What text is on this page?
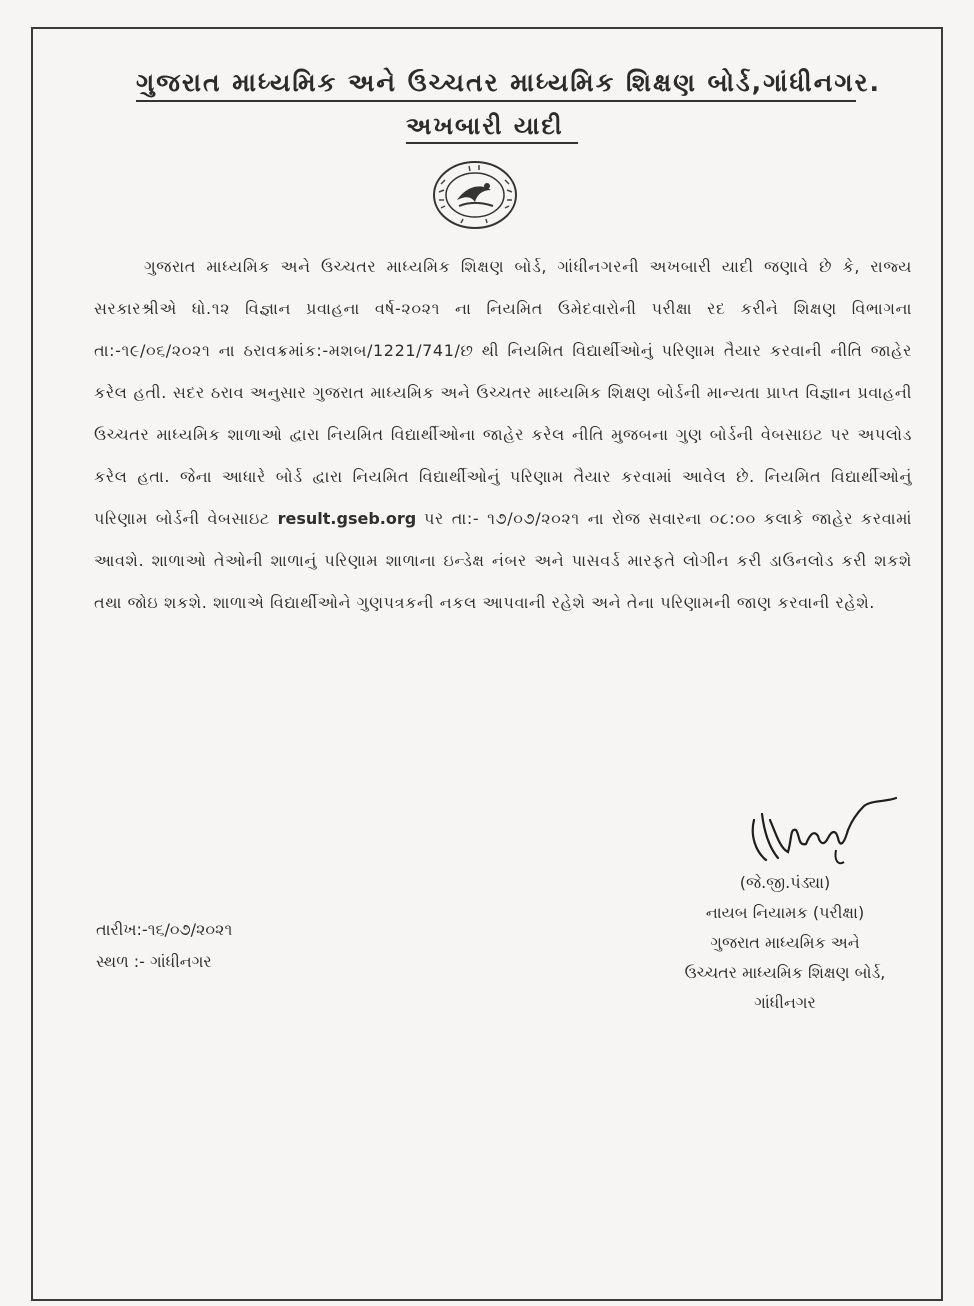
ગુજરાત માધ્યમિક અને ઉચ્ચતર માધ્યમિક શિક્ષણ બોર્ડ,ગાંધીનગર.
અખબારી યાદી
ગુજરાત માધ્યમિક અને ઉચ્ચતર માધ્યમિક શિક્ષણ બોર્ડ, ગાંધીનગરની અખબારી યાદી જણાવે છે કે, રાજ્ય સરકારશ્રીએ ધો.૧૨ વિજ્ઞાન પ્રવાહના વર્ષ-૨૦૨૧ ના નિયમિત ઉમેદવારોની પરીક્ષા રદ કરીને શિક્ષણ વિભાગના તા:-૧૯/૦૬/૨૦૨૧ ના ઠરાવક્રમાંક:-મશબ/1221/741/છ થી નિયમિત વિદ્યાર્થીઓનું પરિણામ તૈયાર કરવાની નીતિ જાહેર કરેલ હતી. સદર ઠરાવ અનુસાર ગુજરાત માધ્યમિક અને ઉચ્ચતર માધ્યમિક શિક્ષણ બોર્ડની માન્યતા પ્રાપ્ત વિજ્ઞાન પ્રવાહની ઉચ્ચતર માધ્યમિક શાળાઓ દ્વારા નિયમિત વિદ્યાર્થીઓના જાહેર કરેલ નીતિ મુજબના ગુણ બોર્ડની વેબસાઇટ પર અપલોડ કરેલ હતા. જેના આધારે બોર્ડ દ્વારા નિયમિત વિદ્યાર્થીઓનું પરિણામ તૈયાર કરવામાં આવેલ છે. નિયમિત વિદ્યાર્થીઓનું પરિણામ બોર્ડની વેબસાઇટ result.gseb.org પર તા:- ૧૭/૦૭/૨૦૨૧ ના રોજ સવારના ૦૮:૦૦ કલાકે જાહેર કરવામાં આવશે. શાળાઓ તેઓની શાળાનું પરિણામ શાળાના ઇન્ડેક્ષ નંબર અને પાસવર્ડ મારફતે લોગીન કરી ડાઉનલોડ કરી શકશે તથા જોઇ શકશે. શાળાએ વિદ્યાર્થીઓને ગુણપત્રકની નકલ આપવાની રહેશે અને તેના પરિણામની જાણ કરવાની રહેશે.
(જે.જી.પંડ્યા)
નાયબ નિયામક (પરીક્ષા)
ગુજરાત માધ્યમિક અને
ઉચ્ચતર માધ્યમિક શિક્ષણ બોર્ડ,
ગાંધીનગર
તારીખ:-૧૬/૦૭/૨૦૨૧
સ્થળ :- ગાંધીનગર
